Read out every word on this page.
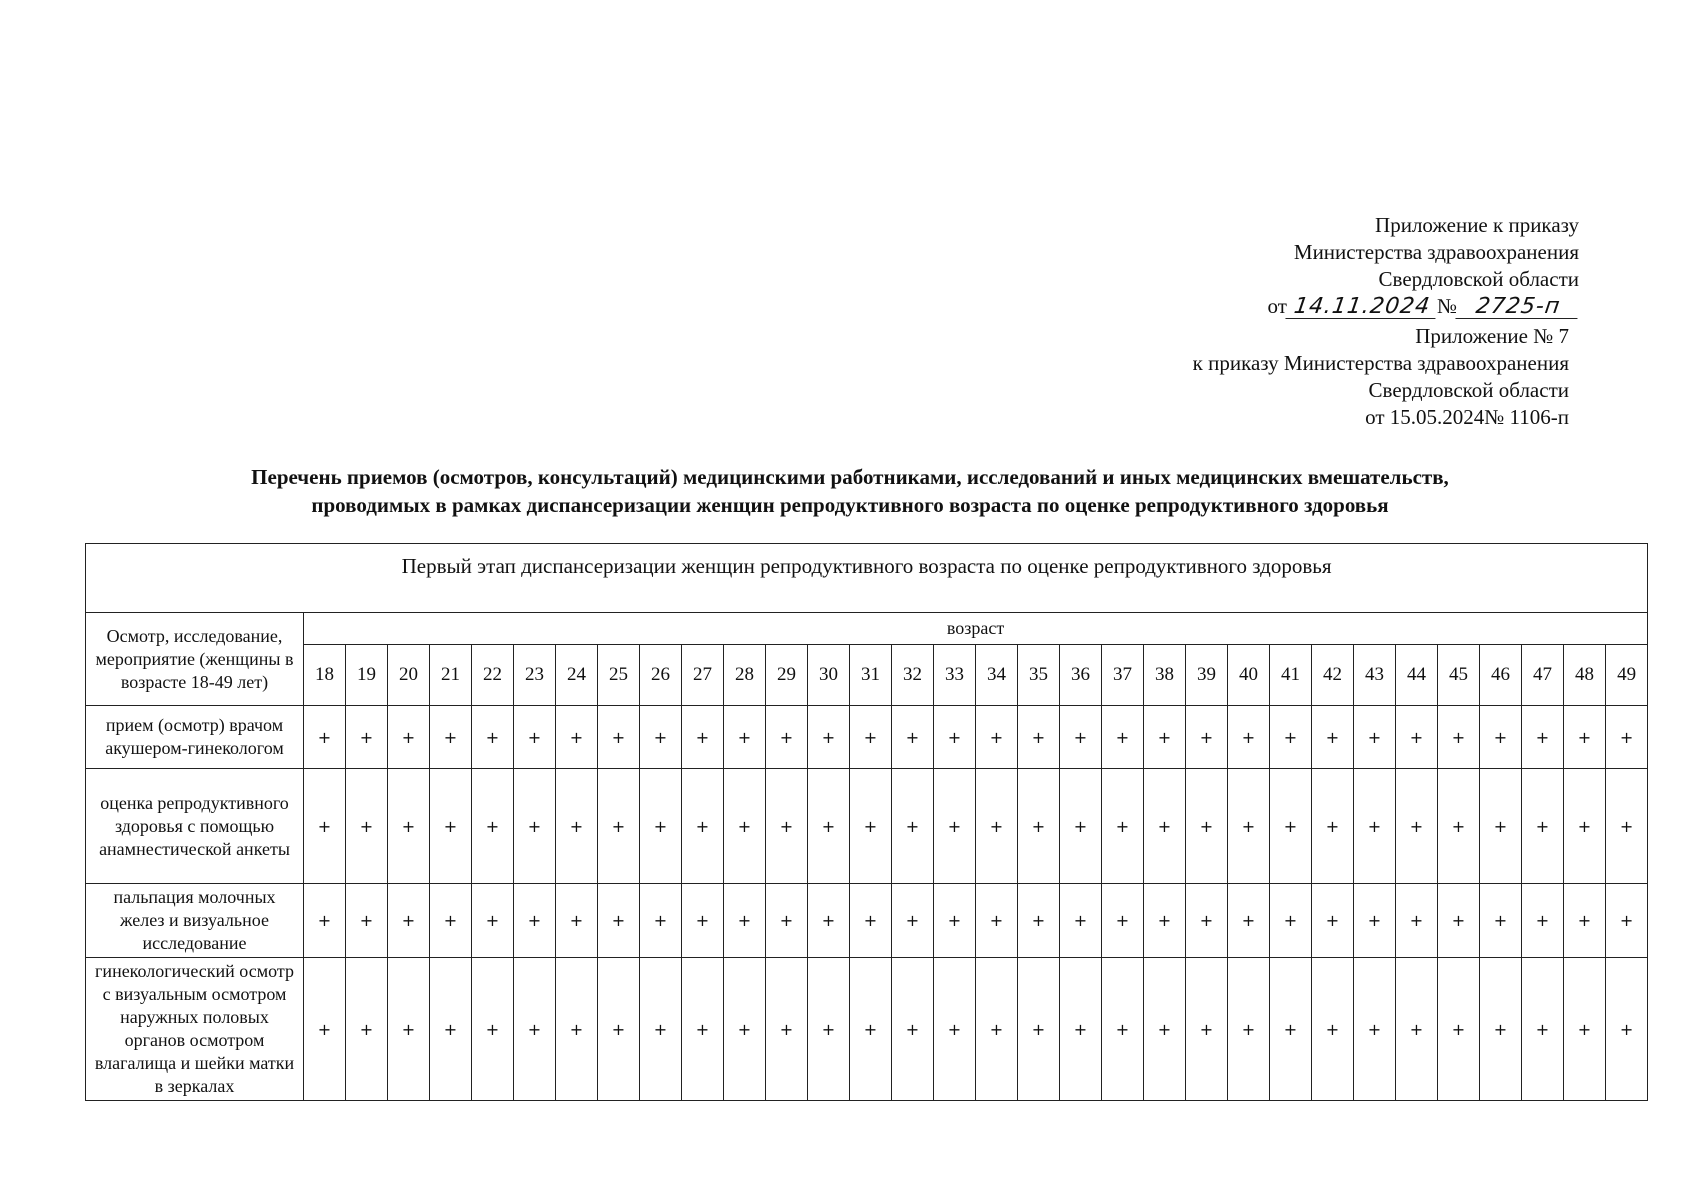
Приложение к приказу
Министерства здравоохранения
Свердловской области
от 14.11.2024 № 2725-п
Приложение № 7
к приказу Министерства здравоохранения
Свердловской области
от 15.05.2024№ 1106-п
Перечень приемов (осмотров, консультаций) медицинскими работниками, исследований и иных медицинских вмешательств,
проводимых в рамках диспансеризации женщин репродуктивного возраста по оценке репродуктивного здоровья
Первый этап диспансеризации женщин репродуктивного возраста по оценке репродуктивного здоровья																																
Осмотр, исследование, мероприятие (женщины в возрасте 18-49 лет)	возраст																															
	18	19	20	21	22	23	24	25	26	27	28	29	30	31	32	33	34	35	36	37	38	39	40	41	42	43	44	45	46	47	48	49
прием (осмотр) врачом акушером-гинекологом	+	+	+	+	+	+	+	+	+	+	+	+	+	+	+	+	+	+	+	+	+	+	+	+	+	+	+	+	+	+	+	+
оценка репродуктивного здоровья с помощью анамнестической анкеты	+	+	+	+	+	+	+	+	+	+	+	+	+	+	+	+	+	+	+	+	+	+	+	+	+	+	+	+	+	+	+	+
пальпация молочных желез и визуальное исследование	+	+	+	+	+	+	+	+	+	+	+	+	+	+	+	+	+	+	+	+	+	+	+	+	+	+	+	+	+	+	+	+
гинекологический осмотр с визуальным осмотром наружных половых органов осмотром влагалища и шейки матки в зеркалах	+	+	+	+	+	+	+	+	+	+	+	+	+	+	+	+	+	+	+	+	+	+	+	+	+	+	+	+	+	+	+	+
